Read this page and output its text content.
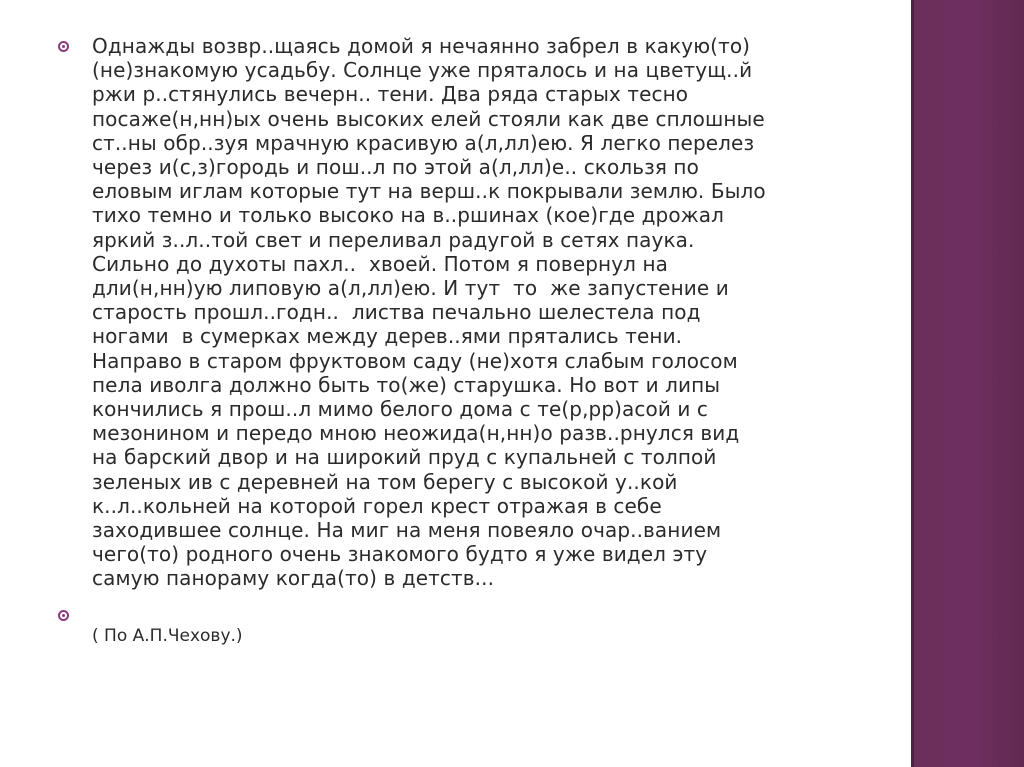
Однажды возвр..щаясь домой я нечаянно забрел в какую(то)
(не)знакомую усадьбу. Солнце уже пряталось и на цветущ..й
ржи р..стянулись вечерн.. тени. Два ряда старых тесно
посаже(н,нн)ых очень высоких елей стояли как две сплошные
ст..ны обр..зуя мрачную красивую а(л,лл)ею. Я легко перелез
через и(с,з)городь и пош..л по этой а(л,лл)е.. скользя по
еловым иглам которые тут на верш..к покрывали землю. Было
тихо темно и только высоко на в..ршинах (кое)где дрожал
яркий з..л..той свет и переливал радугой в сетях паука.
Сильно до духоты пахл..  хвоей. Потом я повернул на
дли(н,нн)ую липовую а(л,лл)ею. И тут  то  же запустение и
старость прошл..годн..  листва печально шелестела под
ногами  в сумерках между дерев..ями прятались тени.
Направо в старом фруктовом саду (не)хотя слабым голосом
пела иволга должно быть то(же) старушка. Но вот и липы
кончились я прош..л мимо белого дома с те(р,рр)асой и с
мезонином и передо мною неожида(н,нн)о разв..рнулся вид
на барский двор и на широкий пруд с купальней с толпой
зеленых ив с деревней на том берегу с высокой у..кой
к..л..кольней на которой горел крест отражая в себе
заходившее солнце. На миг на меня повеяло очар..ванием
чего(то) родного очень знакомого будто я уже видел эту
самую панораму когда(то) в детств...

( По А.П.Чехову.)
